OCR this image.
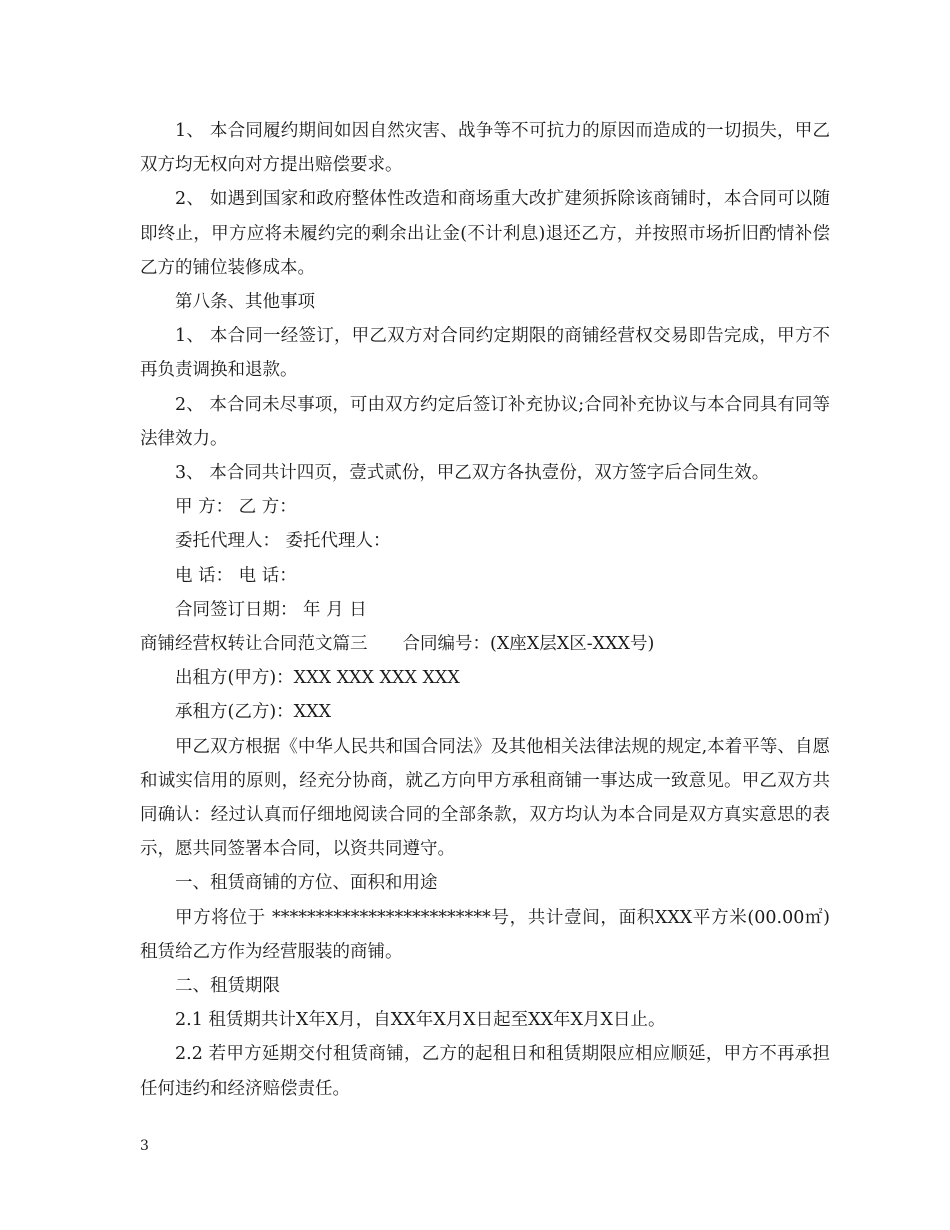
1、 本合同履约期间如因自然灾害、战争等不可抗力的原因而造成的一切损失，甲乙双方均无权向对方提出赔偿要求。

2、 如遇到国家和政府整体性改造和商场重大改扩建须拆除该商铺时，本合同可以随即终止，甲方应将未履约完的剩余出让金(不计利息)退还乙方，并按照市场折旧酌情补偿乙方的铺位装修成本。

第八条、其他事项

1、 本合同一经签订，甲乙双方对合同约定期限的商铺经营权交易即告完成，甲方不再负责调换和退款。

2、 本合同未尽事项，可由双方约定后签订补充协议;合同补充协议与本合同具有同等法律效力。

3、 本合同共计四页，壹式贰份，甲乙双方各执壹份，双方签字后合同生效。

甲 方： 乙 方：

委托代理人： 委托代理人：

电 话： 电 话：

合同签订日期： 年 月 日

商铺经营权转让合同范文篇三　　合同编号：(X座X层X区-XXX号)

出租方(甲方)：XXX XXX XXX XXX

承租方(乙方)：XXX

甲乙双方根据《中华人民共和国合同法》及其他相关法律法规的规定,本着平等、自愿和诚实信用的原则，经充分协商，就乙方向甲方承租商铺一事达成一致意见。甲乙双方共同确认：经过认真而仔细地阅读合同的全部条款，双方均认为本合同是双方真实意思的表示，愿共同签署本合同，以资共同遵守。

一、租赁商铺的方位、面积和用途

甲方将位于 *************************号，共计壹间，面积XXX平方米(00.00㎡)租赁给乙方作为经营服装的商铺。

二、租赁期限

2.1 租赁期共计X年X月，自XX年X月X日起至XX年X月X日止。

2.2 若甲方延期交付租赁商铺，乙方的起租日和租赁期限应相应顺延，甲方不再承担任何违约和经济赔偿责任。

3
